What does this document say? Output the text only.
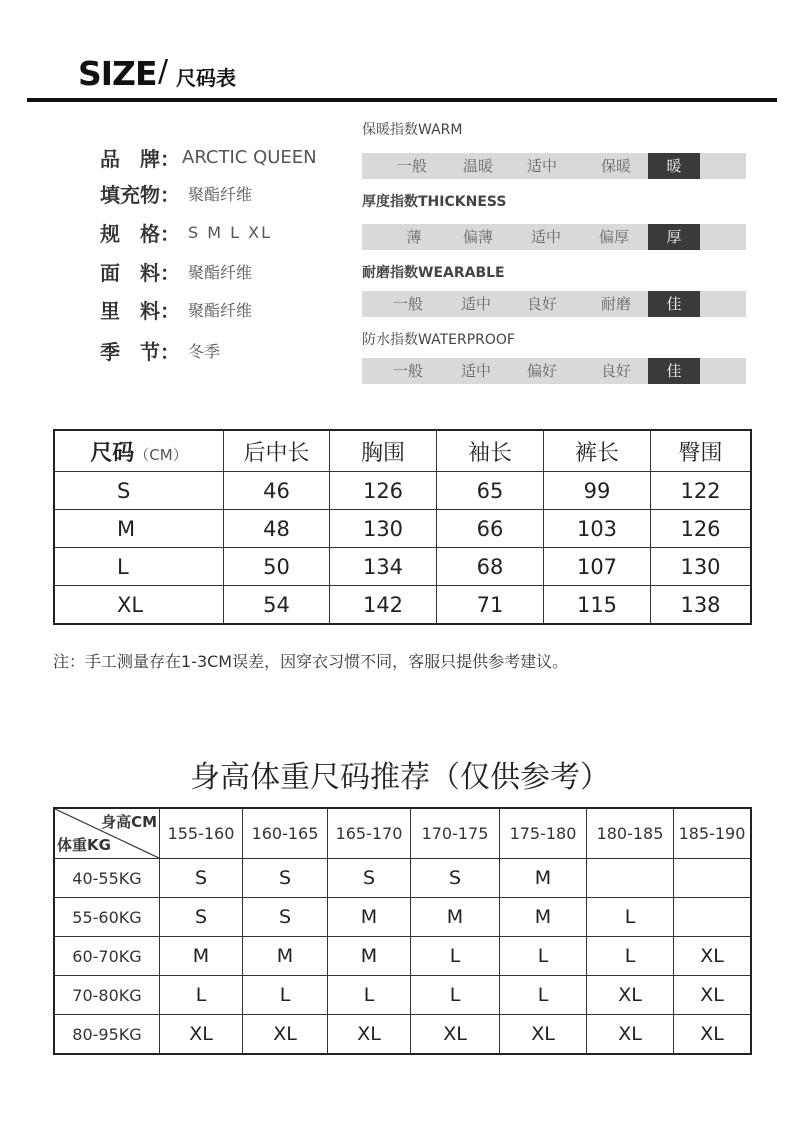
SIZE / 尺码表
品　牌： ARCTIC QUEEN
填充物： 聚酯纤维
规　格： S M L XL
面　料： 聚酯纤维
里　料： 聚酯纤维
季　节： 冬季
保暖指数WARM
一般	温暖	适中	保暖	暖
厚度指数THICKNESS
薄	偏薄	适中	偏厚	厚
耐磨指数WEARABLE
一般	适中	良好	耐磨	佳
防水指数WATERPROOF
一般	适中	偏好	良好	佳
尺码（CM）	后中长	胸围	袖长	裤长	臀围
S	46	126	65	99	122
M	48	130	66	103	126
L	50	134	68	107	130
XL	54	142	71	115	138
注：手工测量存在1-3CM误差，因穿衣习惯不同，客服只提供参考建议。
身高体重尺码推荐（仅供参考）
身高CM
体重KG	155-160	160-165	165-170	170-175	175-180	180-185	185-190
40-55KG	S	S	S	S	M		
55-60KG	S	S	M	M	M	L	
60-70KG	M	M	M	L	L	L	XL
70-80KG	L	L	L	L	L	XL	XL
80-95KG	XL	XL	XL	XL	XL	XL	XL
